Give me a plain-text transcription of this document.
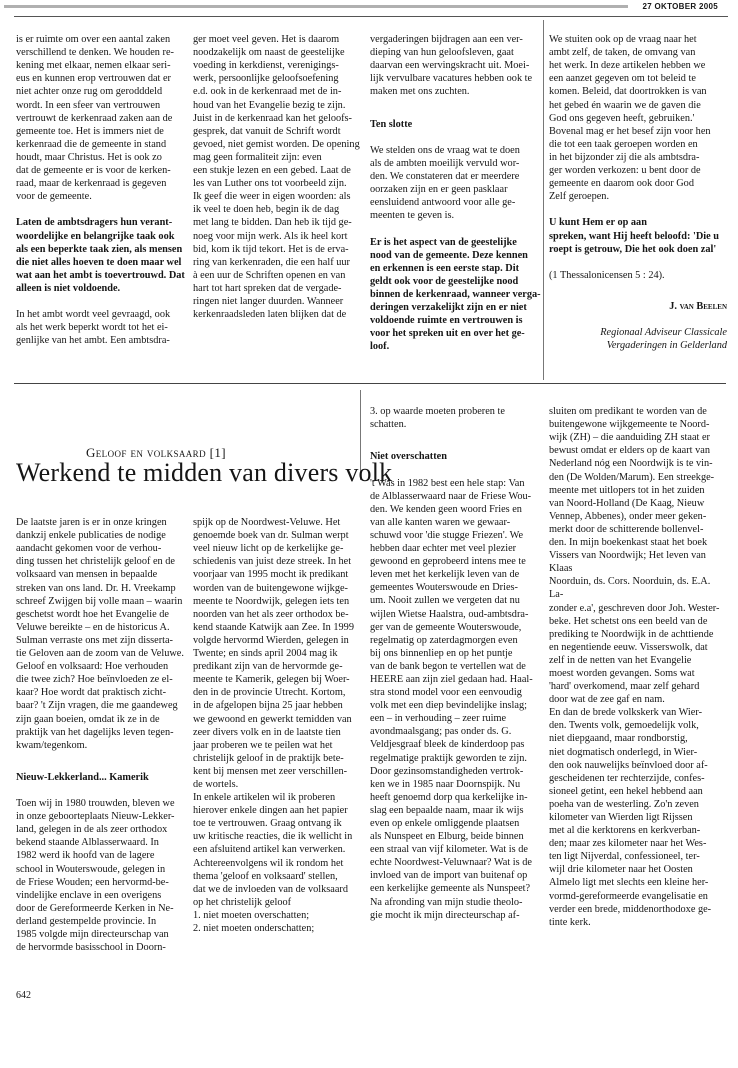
27 OKTOBER 2005

is er ruimte om over een aantal zaken
verschillend te denken. We houden re-
kening met elkaar, nemen elkaar seri-
eus en kunnen erop vertrouwen dat er
niet achter onze rug om gerodddeld
wordt. In een sfeer van vertrouwen
vertrouwt de kerkenraad zaken aan de
gemeente toe. Het is immers niet de
kerkenraad die de gemeente in stand
houdt, maar Christus. Het is ook zo
dat de gemeente er is voor de kerken-
raad, maar de kerkenraad is gegeven
voor de gemeente.

Laten de ambtsdragers hun verant-
woordelijke en belangrijke taak ook
als een beperkte taak zien, als mensen
die niet alles hoeven te doen maar wel
wat aan het ambt is toevertrouwd. Dat
alleen is niet voldoende.

In het ambt wordt veel gevraagd, ook
als het werk beperkt wordt tot het ei-
genlijke van het ambt. Een ambtsdra-

ger moet veel geven. Het is daarom
noodzakelijk om naast de geestelijke
voeding in kerkdienst, verenigings-
werk, persoonlijke geloofsoefening
e.d. ook in de kerkenraad met de in-
houd van het Evangelie bezig te zijn.
Juist in de kerkenraad kan het geloofs-
gesprek, dat vanuit de Schrift wordt
gevoed, niet gemist worden. De opening mag geen formaliteit zijn: even
een stukje lezen en een gebed. Laat de
les van Luther ons tot voorbeeld zijn.
Ik geef die weer in eigen woorden: als
ik veel te doen heb, begin ik de dag
met lang te bidden. Dan heb ik tijd ge-
noeg voor mijn werk. Als ik heel kort
bid, kom ik tijd tekort. Het is de erva-
ring van kerkenraden, die een half uur
à een uur de Schriften openen en van
hart tot hart spreken dat de vergade-
ringen niet langer duurden. Wanneer
kerkenraadsleden laten blijken dat de

vergaderingen bijdragen aan een ver-
dieping van hun geloofsleven, gaat
daarvan een wervingskracht uit. Moei-
lijk vervulbare vacatures hebben ook te
maken met ons zuchten.

Ten slotte

We stelden ons de vraag wat te doen
als de ambten moeilijk vervuld wor-
den. We constateren dat er meerdere
oorzaken zijn en er geen pasklaar
eensluidend antwoord voor alle ge-
meenten te geven is.

Er is het aspect van de geestelijke
nood van de gemeente. Deze kennen
en erkennen is een eerste stap. Dit
geldt ook voor de geestelijke nood
binnen de kerkenraad, wanneer verga-
deringen verzakelijkt zijn en er niet
voldoende ruimte en vertrouwen is
voor het spreken uit en over het ge-
loof.

We stuiten ook op de vraag naar het
ambt zelf, de taken, de omvang van
het werk. In deze artikelen hebben we
een aanzet gegeven om tot beleid te
komen. Beleid, dat doortrokken is van
het gebed én waarin we de gaven die
God ons gegeven heeft, gebruiken.'
Bovenal mag er het besef zijn voor hen
die tot een taak geroepen worden en
in het bijzonder zij die als ambtsdra-
ger worden verkozen: u bent door de
gemeente en daarom ook door God
Zelf geroepen.

U kunt Hem er op aan
spreken, want Hij heeft beloofd: 'Die u
roept is getrouw, Die het ook doen zal'

(1 Thessalonicensen 5 : 24).

J. van Beelen

Regionaal Adviseur Classicale
Vergaderingen in Gelderland

Geloof en volksaard [1]
Werkend te midden van divers volk

De laatste jaren is er in onze kringen
dankzij enkele publicaties de nodige
aandacht gekomen voor de verhou-
ding tussen het christelijk geloof en de
volksaard van mensen in bepaalde
streken van ons land. Dr. H. Vreekamp
schreef Zwijgen bij volle maan – waarin
geschetst wordt hoe het Evangelie de
Veluwe bereikte – en de historicus A.
Sulman verraste ons met zijn disserta-
tie Geloven aan de zoom van de Veluwe.
Geloof en volksaard: Hoe verhouden
die twee zich? Hoe beïnvloeden ze el-
kaar? Hoe wordt dat praktisch zicht-
baar? 't Zijn vragen, die me gaandeweg
zijn gaan boeien, omdat ik ze in de
praktijk van het dagelijks leven tegen-
kwam/tegenkom.

Nieuw-Lekkerland... Kamerik

Toen wij in 1980 trouwden, bleven we
in onze geboorteplaats Nieuw-Lekker-
land, gelegen in de als zeer orthodox
bekend staande Alblasserwaard. In
1982 werd ik hoofd van de lagere
school in Wouterswoude, gelegen in
de Friese Wouden; een hervormd-be-
vindelijke enclave in een overigens
door de Gereformeerde Kerken in Ne-
derland gestempelde provincie. In
1985 volgde mijn directeurschap van
de hervormde basisschool in Doorn-

spijk op de Noordwest-Veluwe. Het
genoemde boek van dr. Sulman werpt
veel nieuw licht op de kerkelijke ge-
schiedenis van juist deze streek. In het
voorjaar van 1995 mocht ik predikant
worden van de buitengewone wijkge-
meente te Noordwijk, gelegen iets ten
noorden van het als zeer orthodox be-
kend staande Katwijk aan Zee. In 1999
volgde hervormd Wierden, gelegen in
Twente; en sinds april 2004 mag ik
predikant zijn van de hervormde ge-
meente te Kamerik, gelegen bij Woer-
den in de provincie Utrecht. Kortom,
in de afgelopen bijna 25 jaar hebben
we gewoond en gewerkt temidden van
zeer divers volk en in de laatste tien
jaar proberen we te peilen wat het
christelijk geloof in de praktijk bete-
kent bij mensen met zeer verschillen-
de wortels.
In enkele artikelen wil ik proberen
hierover enkele dingen aan het papier
toe te vertrouwen. Graag ontvang ik
uw kritische reacties, die ik wellicht in
een afsluitend artikel kan verwerken.
Achtereenvolgens wil ik rondom het
thema 'geloof en volksaard' stellen,
dat we de invloeden van de volksaard
op het christelijk geloof
1. niet moeten overschatten;
2. niet moeten onderschatten;

3. op waarde moeten proberen te
schatten.

Niet overschatten

't Was in 1982 best een hele stap: Van
de Alblasserwaard naar de Friese Wou-
den. We kenden geen woord Fries en
van alle kanten waren we gewaar-
schuwd voor 'die stugge Friezen'. We
hebben daar echter met veel plezier
gewoond en geprobeerd intens mee te
leven met het kerkelijk leven van de
gemeentes Wouterswoude en Dries-
um. Nooit zullen we vergeten dat nu
wijlen Wietse Haalstra, oud-ambtsdra-
ger van de gemeente Wouterswoude,
regelmatig op zaterdagmorgen even
bij ons binnenliep en op het puntje
van de bank begon te vertellen wat de
HEERE aan zijn ziel gedaan had. Haal-
stra stond model voor een eenvoudig
volk met een diep bevindelijke inslag;
een – in verhouding – zeer ruime
avondmaalsgang; pas onder ds. G.
Veldjesgraaf bleek de kinderdoop pas
regelmatige praktijk geworden te zijn.
Door gezinsomstandigheden vertrok-
ken we in 1985 naar Doornspijk. Nu
heeft genoemd dorp qua kerkelijke in-
slag een bepaalde naam, maar ik wijs
even op enkele omliggende plaatsen
als Nunspeet en Elburg, beide binnen
een straal van vijf kilometer. Wat is de
echte Noordwest-Veluwnaar? Wat is de
invloed van de import van buitenaf op
een kerkelijke gemeente als Nunspeet?
Na afronding van mijn studie theolo-
gie mocht ik mijn directeurschap af-

sluiten om predikant te worden van de
buitengewone wijkgemeente te Noord-
wijk (ZH) – die aanduiding ZH staat er
bewust omdat er elders op de kaart van
Nederland nóg een Noordwijk is te vin-
den (De Wolden/Marum). Een streekge-
meente met uitlopers tot in het zuiden
van Noord-Holland (De Kaag, Nieuw
Vennep, Abbenes), onder meer geken-
merkt door de schitterende bollenvel-
den. In mijn boekenkast staat het boek
Vissers van Noordwijk; Het leven van Klaas
Noorduin, ds. Cors. Noorduin, ds. E.A. La-
zonder e.a', geschreven door Joh. Wester-
beke. Het schetst ons een beeld van de
prediking te Noordwijk in de achttiende
en negentiende eeuw. Visserswolk, dat
zelf in de netten van het Evangelie
moest worden gevangen. Soms wat
'hard' overkomend, maar zelf gehard
door wat de zee gaf en nam.
En dan de brede volkskerk van Wier-
den. Twents volk, gemoedelijk volk,
niet diepgaand, maar rondborstig,
niet dogmatisch onderlegd, in Wier-
den ook nauwelijks beïnvloed door af-
gescheidenen ter rechterzijde, confes-
sioneel getint, een hekel hebbend aan
poeha van de westerling. Zo'n zeven
kilometer van Wierden ligt Rijssen
met al die kerktorens en kerkverban-
den; maar zes kilometer naar het Wes-
ten ligt Nijverdal, confessioneel, ter-
wijl drie kilometer naar het Oosten
Almelo ligt met slechts een kleine her-
vormd-gereformeerde evangelisatie en
verder een brede, middenorthodoxe ge-
tinte kerk.

642
